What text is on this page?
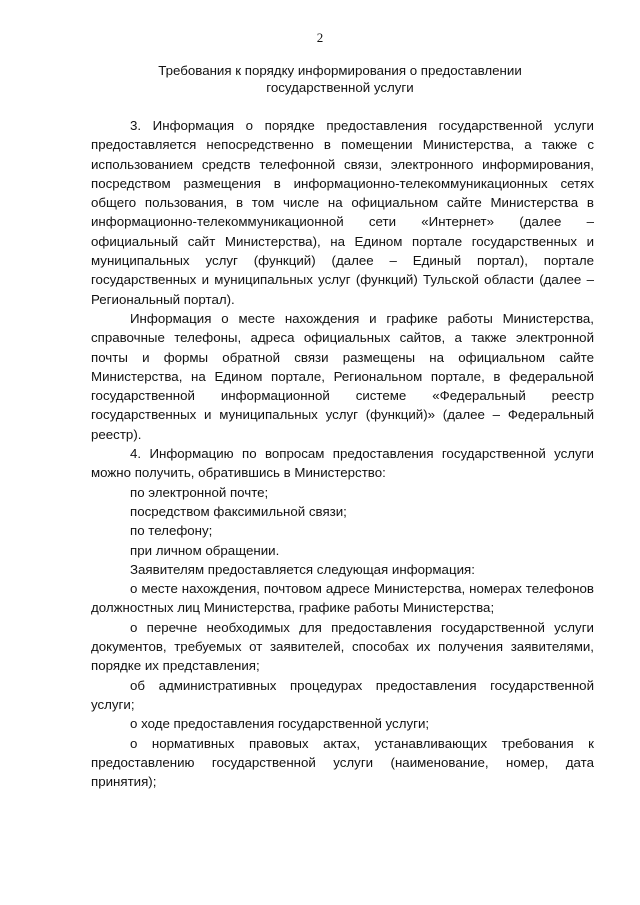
2
Требования к порядку информирования о предоставлении
государственной услуги

3. Информация о порядке предоставления государственной услуги предоставляется непосредственно в помещении Министерства, а также с использованием средств телефонной связи, электронного информирования, посредством размещения в информационно-телекоммуникационных сетях общего пользования, в том числе на официальном сайте Министерства в информационно-телекоммуникационной сети «Интернет» (далее – официальный сайт Министерства), на Едином портале государственных и муниципальных услуг (функций) (далее – Единый портал), портале государственных и муниципальных услуг (функций) Тульской области (далее – Региональный портал).

Информация о месте нахождения и графике работы Министерства, справочные телефоны, адреса официальных сайтов, а также электронной почты и формы обратной связи размещены на официальном сайте Министерства, на Едином портале, Региональном портале, в федеральной государственной информационной системе «Федеральный реестр государственных и муниципальных услуг (функций)» (далее – Федеральный реестр).

4. Информацию по вопросам предоставления государственной услуги можно получить, обратившись в Министерство:

по электронной почте;

посредством факсимильной связи;

по телефону;

при личном обращении.

Заявителям предоставляется следующая информация:

о месте нахождения, почтовом адресе Министерства, номерах телефонов должностных лиц Министерства, графике работы Министерства;

о перечне необходимых для предоставления государственной услуги документов, требуемых от заявителей, способах их получения заявителями, порядке их представления;

об административных процедурах предоставления государственной услуги;

о ходе предоставления государственной услуги;

о нормативных правовых актах, устанавливающих требования к предоставлению государственной услуги (наименование, номер, дата принятия);
